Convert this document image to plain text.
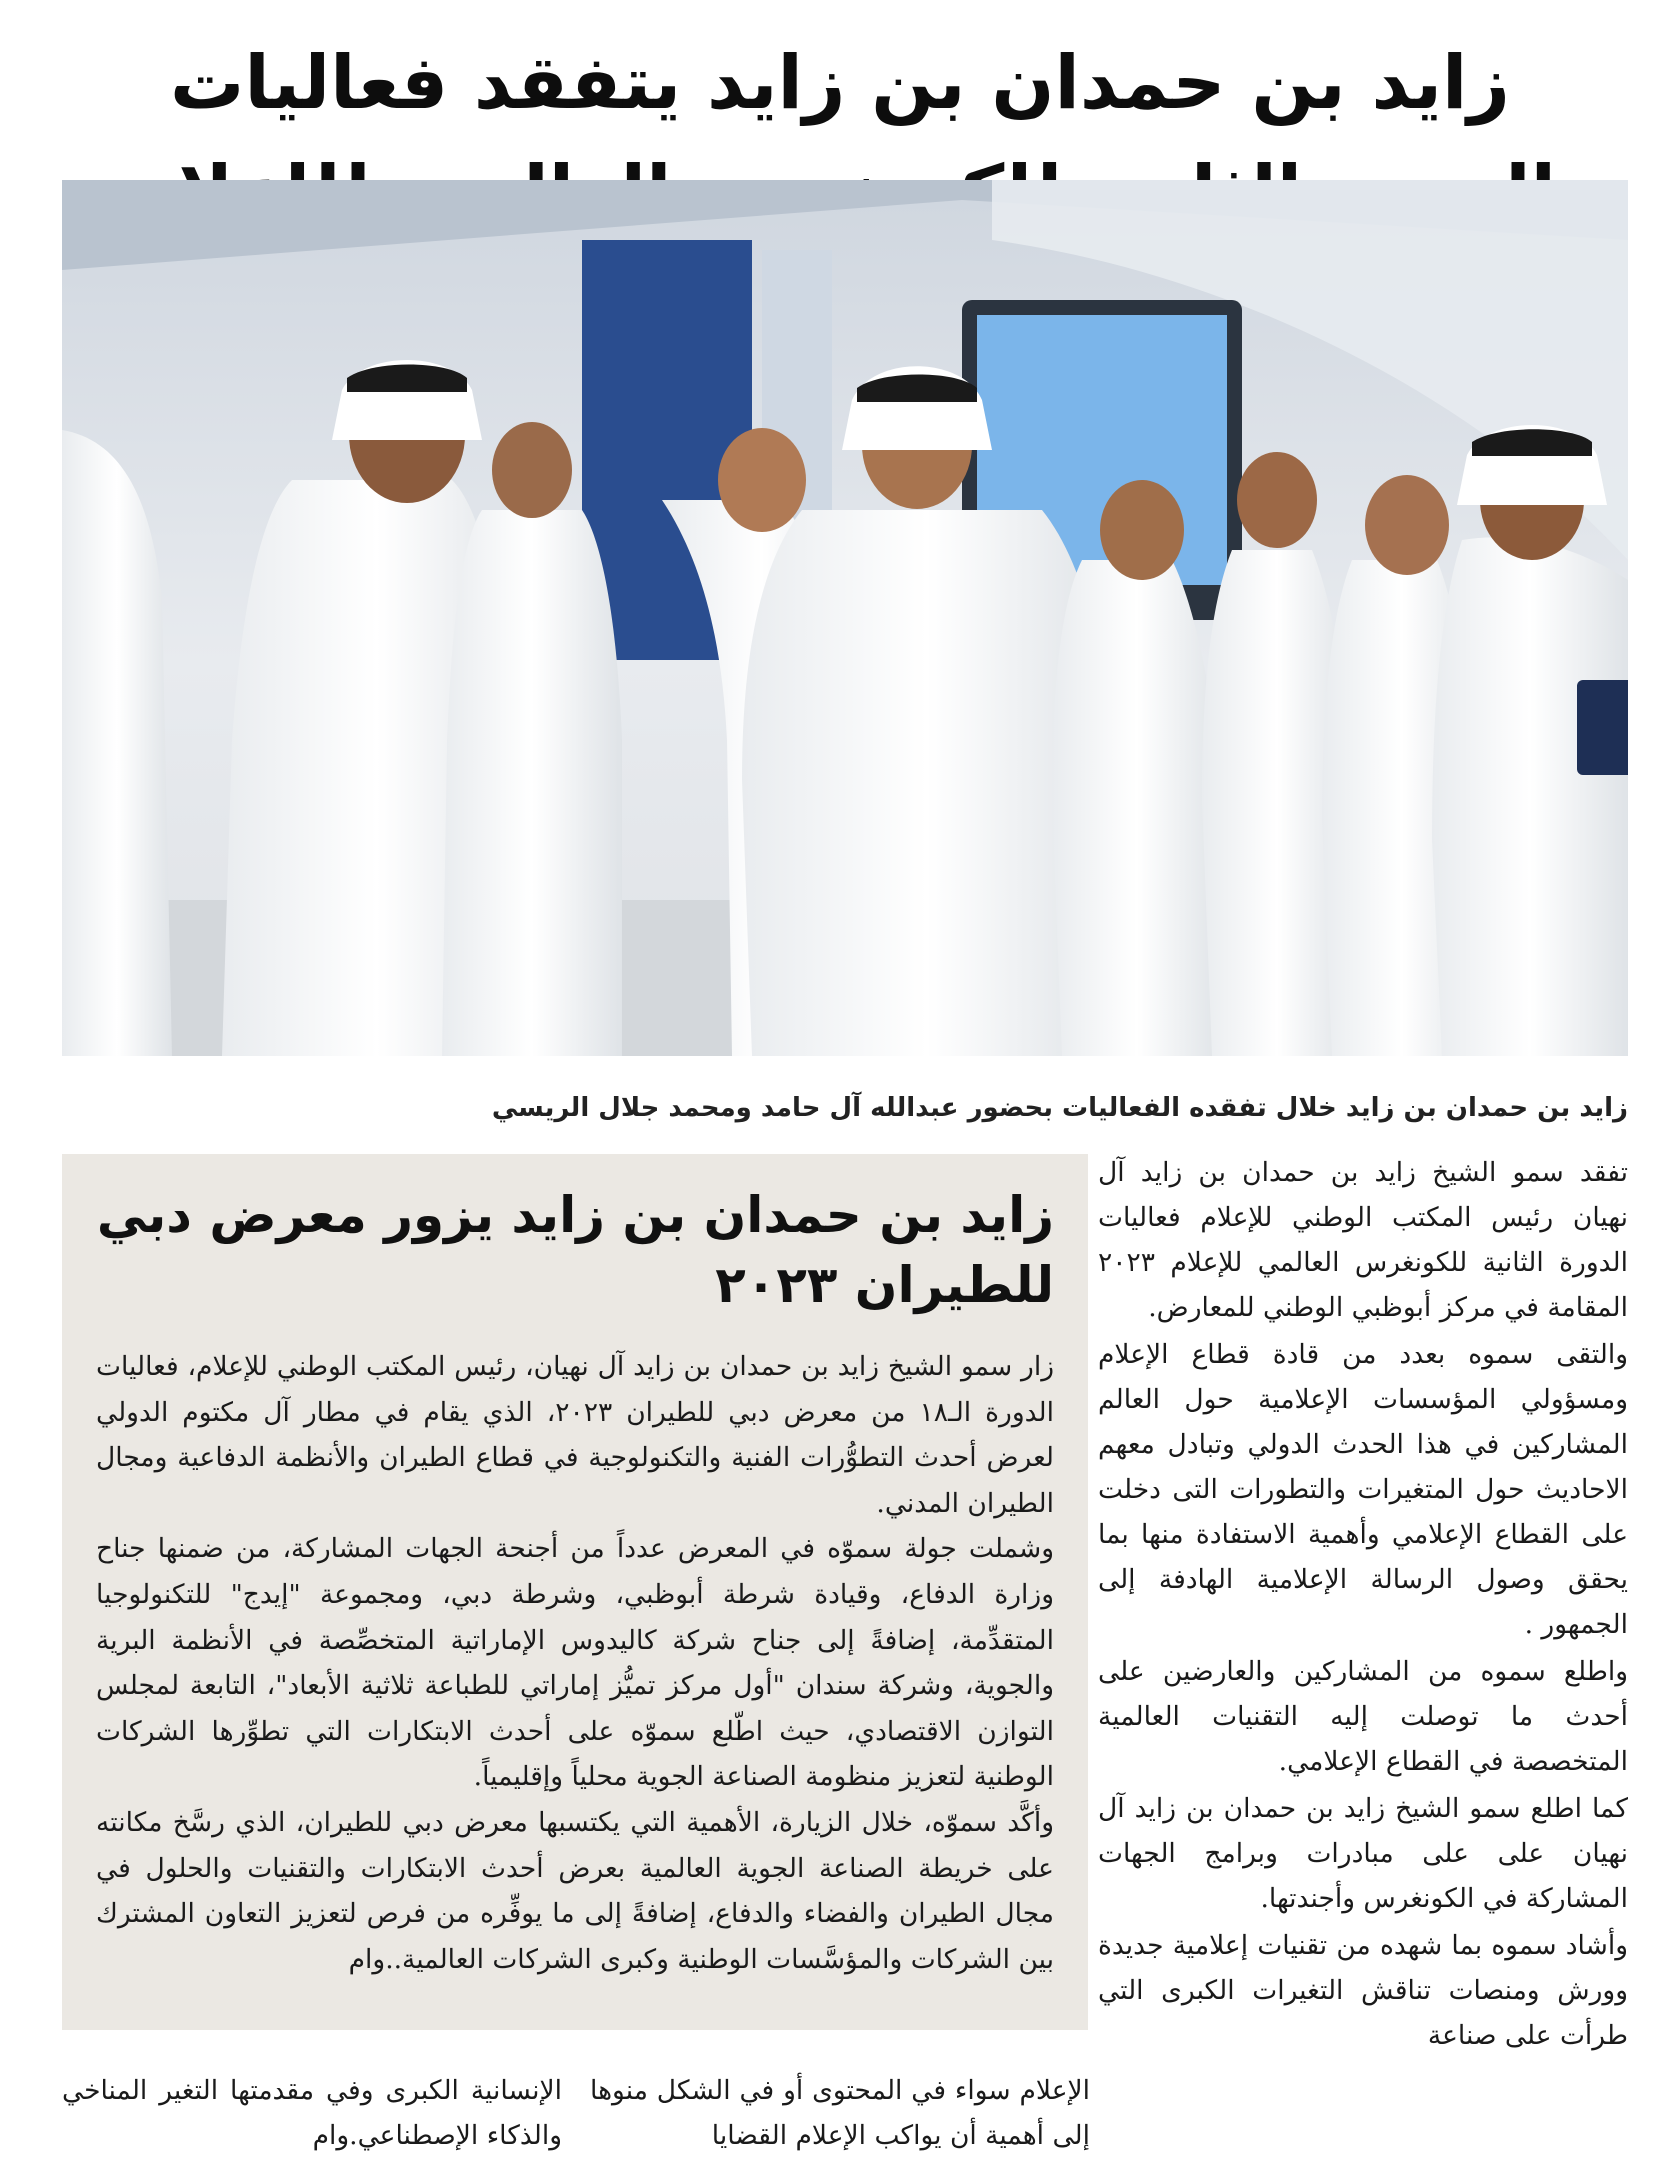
زايد بن حمدان بن زايد يتفقد فعاليات

زايد بن حمدان بن زايد خلال تفقده الفعاليات بحضور عبدالله آل حامد ومحمد جلال الريسي

تفقد سمو الشيخ زايد بن حمدان بن زايد آل نهيان رئيس المكتب الوطني للإعلام فعاليات الدورة الثانية للكونغرس العالمي للإعلام ٢٠٢٣ المقامة في مركز أبوظبي الوطني للمعارض.

والتقى سموه بعدد من قادة قطاع الإعلام ومسؤولي المؤسسات الإعلامية حول العالم المشاركين في هذا الحدث الدولي وتبادل معهم الاحاديث حول المتغيرات والتطورات التى دخلت على القطاع الإعلامي وأهمية الاستفادة منها بما يحقق وصول الرسالة الإعلامية الهادفة إلى الجمهور .

واطلع سموه من المشاركين والعارضين على أحدث ما توصلت إليه التقنيات العالمية المتخصصة في القطاع الإعلامي.

كما اطلع سمو الشيخ زايد بن حمدان بن زايد آل نهيان على على مبادرات وبرامج الجهات المشاركة في الكونغرس وأجندتها.

وأشاد سموه بما شهده من تقنيات إعلامية جديدة وورش ومنصات تناقش التغيرات الكبرى التي طرأت على صناعة

زايد بن حمدان بن زايد يزور معرض دبي للطيران ٢٠٢٣

زار سمو الشيخ زايد بن حمدان بن زايد آل نهيان، رئيس المكتب الوطني للإعلام، فعاليات الدورة الـ١٨ من معرض دبي للطيران ٢٠٢٣، الذي يقام في مطار آل مكتوم الدولي لعرض أحدث التطوُّرات الفنية والتكنولوجية في قطاع الطيران والأنظمة الدفاعية ومجال الطيران المدني.

وشملت جولة سموّه في المعرض عدداً من أجنحة الجهات المشاركة، من ضمنها جناح وزارة الدفاع، وقيادة شرطة أبوظبي، وشرطة دبي، ومجموعة "إيدج" للتكنولوجيا المتقدِّمة، إضافةً إلى جناح شركة كاليدوس الإماراتية المتخصِّصة في الأنظمة البرية والجوية، وشركة سندان "أول مركز تميُّز إماراتي للطباعة ثلاثية الأبعاد"، التابعة لمجلس التوازن الاقتصادي، حيث اطّلع سموّه على أحدث الابتكارات التي تطوِّرها الشركات الوطنية لتعزيز منظومة الصناعة الجوية محلياً وإقليمياً.

وأكَّد سموّه، خلال الزيارة، الأهمية التي يكتسبها معرض دبي للطيران، الذي رسَّخ مكانته على خريطة الصناعة الجوية العالمية بعرض أحدث الابتكارات والتقنيات والحلول في مجال الطيران والفضاء والدفاع، إضافةً إلى ما يوفِّره من فرص لتعزيز التعاون المشترك بين الشركات والمؤسَّسات الوطنية وكبرى الشركات العالمية..وام

الإعلام سواء في المحتوى أو في الشكل منوها إلى أهمية أن يواكب الإعلام القضايا

الإنسانية الكبرى وفي مقدمتها التغير المناخي والذكاء الإصطناعي.وام
